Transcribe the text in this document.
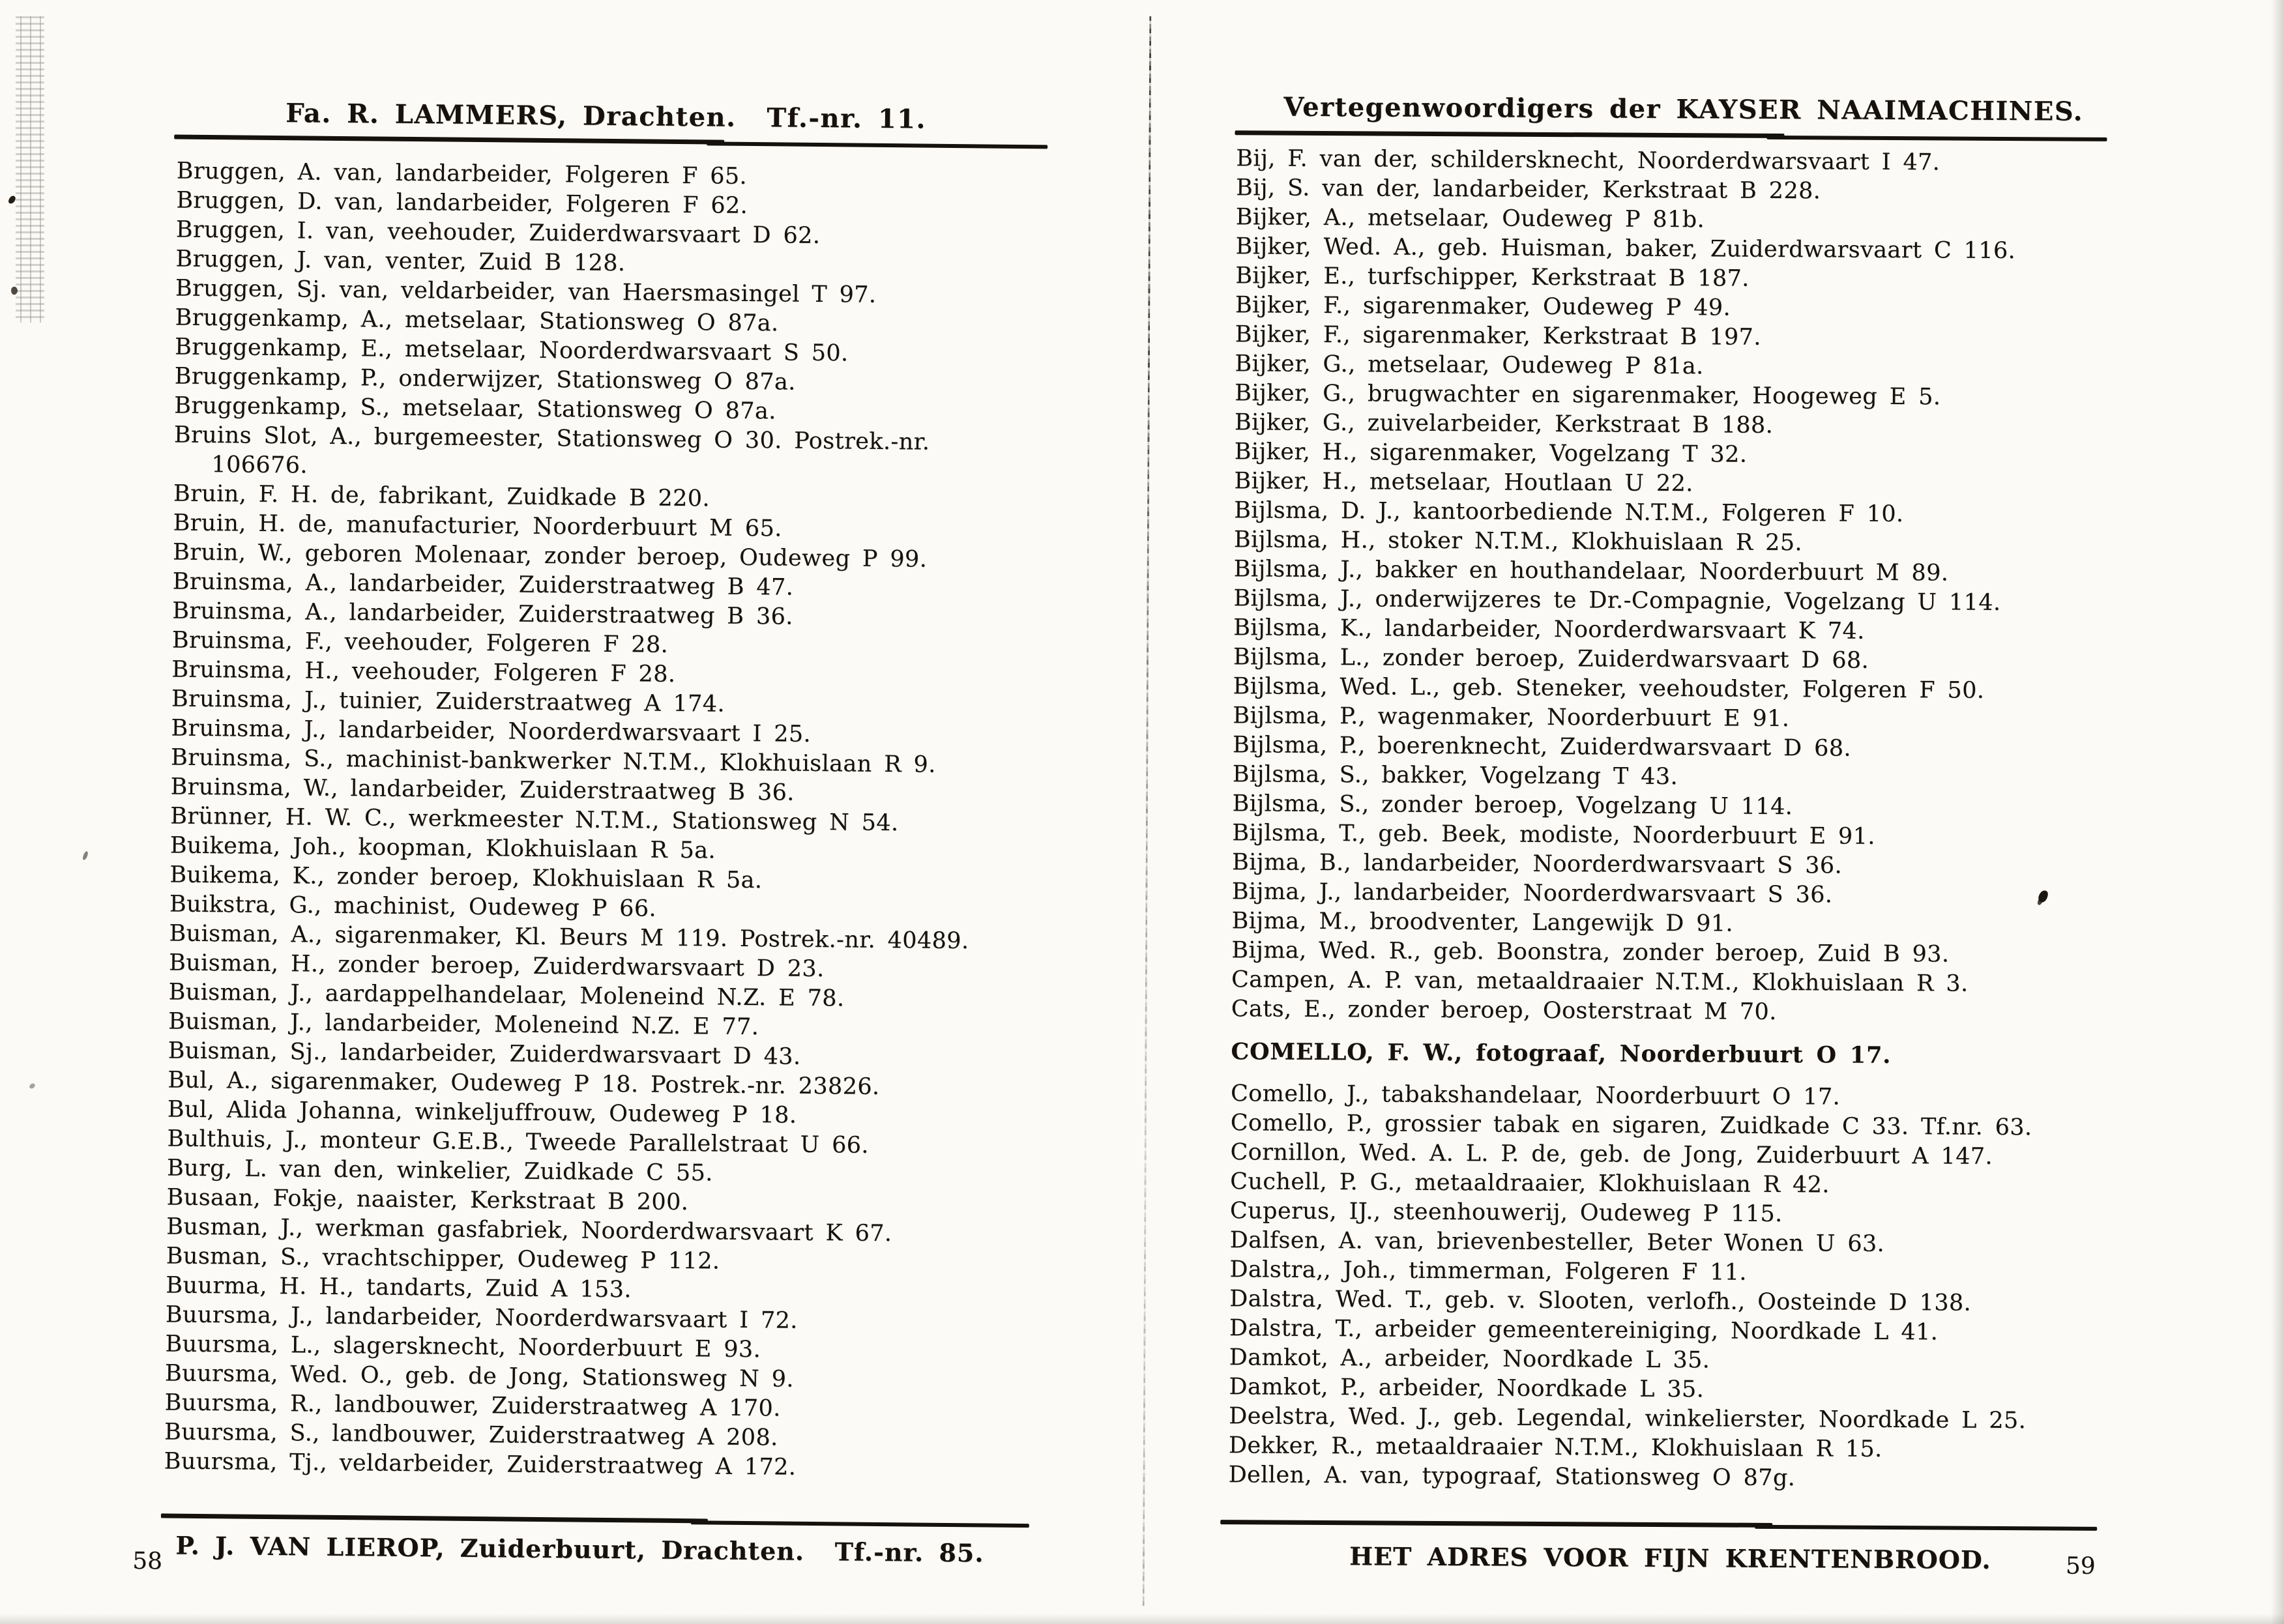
Fa. R. LAMMERS, Drachten.  Tf.-nr. 11.
Bruggen, A. van, landarbeider, Folgeren F 65.
Bruggen, D. van, landarbeider, Folgeren F 62.
Bruggen, I. van, veehouder, Zuiderdwarsvaart D 62.
Bruggen, J. van, venter, Zuid B 128.
Bruggen, Sj. van, veldarbeider, van Haersmasingel T 97.
Bruggenkamp, A., metselaar, Stationsweg O 87a.
Bruggenkamp, E., metselaar, Noorderdwarsvaart S 50.
Bruggenkamp, P., onderwijzer, Stationsweg O 87a.
Bruggenkamp, S., metselaar, Stationsweg O 87a.
Bruins Slot, A., burgemeester, Stationsweg O 30. Postrek.-nr.
106676.
Bruin, F. H. de, fabrikant, Zuidkade B 220.
Bruin, H. de, manufacturier, Noorderbuurt M 65.
Bruin, W., geboren Molenaar, zonder beroep, Oudeweg P 99.
Bruinsma, A., landarbeider, Zuiderstraatweg B 47.
Bruinsma, A., landarbeider, Zuiderstraatweg B 36.
Bruinsma, F., veehouder, Folgeren F 28.
Bruinsma, H., veehouder, Folgeren F 28.
Bruinsma, J., tuinier, Zuiderstraatweg A 174.
Bruinsma, J., landarbeider, Noorderdwarsvaart I 25.
Bruinsma, S., machinist-bankwerker N.T.M., Klokhuislaan R 9.
Bruinsma, W., landarbeider, Zuiderstraatweg B 36.
Brünner, H. W. C., werkmeester N.T.M., Stationsweg N 54.
Buikema, Joh., koopman, Klokhuislaan R 5a.
Buikema, K., zonder beroep, Klokhuislaan R 5a.
Buikstra, G., machinist, Oudeweg P 66.
Buisman, A., sigarenmaker, Kl. Beurs M 119. Postrek.-nr. 40489.
Buisman, H., zonder beroep, Zuiderdwarsvaart D 23.
Buisman, J., aardappelhandelaar, Moleneind N.Z. E 78.
Buisman, J., landarbeider, Moleneind N.Z. E 77.
Buisman, Sj., landarbeider, Zuiderdwarsvaart D 43.
Bul, A., sigarenmaker, Oudeweg P 18. Postrek.-nr. 23826.
Bul, Alida Johanna, winkeljuffrouw, Oudeweg P 18.
Bulthuis, J., monteur G.E.B., Tweede Parallelstraat U 66.
Burg, L. van den, winkelier, Zuidkade C 55.
Busaan, Fokje, naaister, Kerkstraat B 200.
Busman, J., werkman gasfabriek, Noorderdwarsvaart K 67.
Busman, S., vrachtschipper, Oudeweg P 112.
Buurma, H. H., tandarts, Zuid A 153.
Buursma, J., landarbeider, Noorderdwarsvaart I 72.
Buursma, L., slagersknecht, Noorderbuurt E 93.
Buursma, Wed. O., geb. de Jong, Stationsweg N 9.
Buursma, R., landbouwer, Zuiderstraatweg A 170.
Buursma, S., landbouwer, Zuiderstraatweg A 208.
Buursma, Tj., veldarbeider, Zuiderstraatweg A 172.
P. J. VAN LIEROP, Zuiderbuurt, Drachten.  Tf.-nr. 85.
58
Vertegenwoordigers der KAYSER NAAIMACHINES.
Bij, F. van der, schildersknecht, Noorderdwarsvaart I 47.
Bij, S. van der, landarbeider, Kerkstraat B 228.
Bijker, A., metselaar, Oudeweg P 81b.
Bijker, Wed. A., geb. Huisman, baker, Zuiderdwarsvaart C 116.
Bijker, E., turfschipper, Kerkstraat B 187.
Bijker, F., sigarenmaker, Oudeweg P 49.
Bijker, F., sigarenmaker, Kerkstraat B 197.
Bijker, G., metselaar, Oudeweg P 81a.
Bijker, G., brugwachter en sigarenmaker, Hoogeweg E 5.
Bijker, G., zuivelarbeider, Kerkstraat B 188.
Bijker, H., sigarenmaker, Vogelzang T 32.
Bijker, H., metselaar, Houtlaan U 22.
Bijlsma, D. J., kantoorbediende N.T.M., Folgeren F 10.
Bijlsma, H., stoker N.T.M., Klokhuislaan R 25.
Bijlsma, J., bakker en houthandelaar, Noorderbuurt M 89.
Bijlsma, J., onderwijzeres te Dr.-Compagnie, Vogelzang U 114.
Bijlsma, K., landarbeider, Noorderdwarsvaart K 74.
Bijlsma, L., zonder beroep, Zuiderdwarsvaart D 68.
Bijlsma, Wed. L., geb. Steneker, veehoudster, Folgeren F 50.
Bijlsma, P., wagenmaker, Noorderbuurt E 91.
Bijlsma, P., boerenknecht, Zuiderdwarsvaart D 68.
Bijlsma, S., bakker, Vogelzang T 43.
Bijlsma, S., zonder beroep, Vogelzang U 114.
Bijlsma, T., geb. Beek, modiste, Noorderbuurt E 91.
Bijma, B., landarbeider, Noorderdwarsvaart S 36.
Bijma, J., landarbeider, Noorderdwarsvaart S 36.
Bijma, M., broodventer, Langewijk D 91.
Bijma, Wed. R., geb. Boonstra, zonder beroep, Zuid B 93.
Campen, A. P. van, metaaldraaier N.T.M., Klokhuislaan R 3.
Cats, E., zonder beroep, Oosterstraat M 70.
COMELLO, F. W., fotograaf, Noorderbuurt O 17.
Comello, J., tabakshandelaar, Noorderbuurt O 17.
Comello, P., grossier tabak en sigaren, Zuidkade C 33. Tf.nr. 63.
Cornillon, Wed. A. L. P. de, geb. de Jong, Zuiderbuurt A 147.
Cuchell, P. G., metaaldraaier, Klokhuislaan R 42.
Cuperus, IJ., steenhouwerij, Oudeweg P 115.
Dalfsen, A. van, brievenbesteller, Beter Wonen U 63.
Dalstra,, Joh., timmerman, Folgeren F 11.
Dalstra, Wed. T., geb. v. Slooten, verlofh., Oosteinde D 138.
Dalstra, T., arbeider gemeentereiniging, Noordkade L 41.
Damkot, A., arbeider, Noordkade L 35.
Damkot, P., arbeider, Noordkade L 35.
Deelstra, Wed. J., geb. Legendal, winkelierster, Noordkade L 25.
Dekker, R., metaaldraaier N.T.M., Klokhuislaan R 15.
Dellen, A. van, typograaf, Stationsweg O 87g.
HET ADRES VOOR FIJN KRENTENBROOD.	59
